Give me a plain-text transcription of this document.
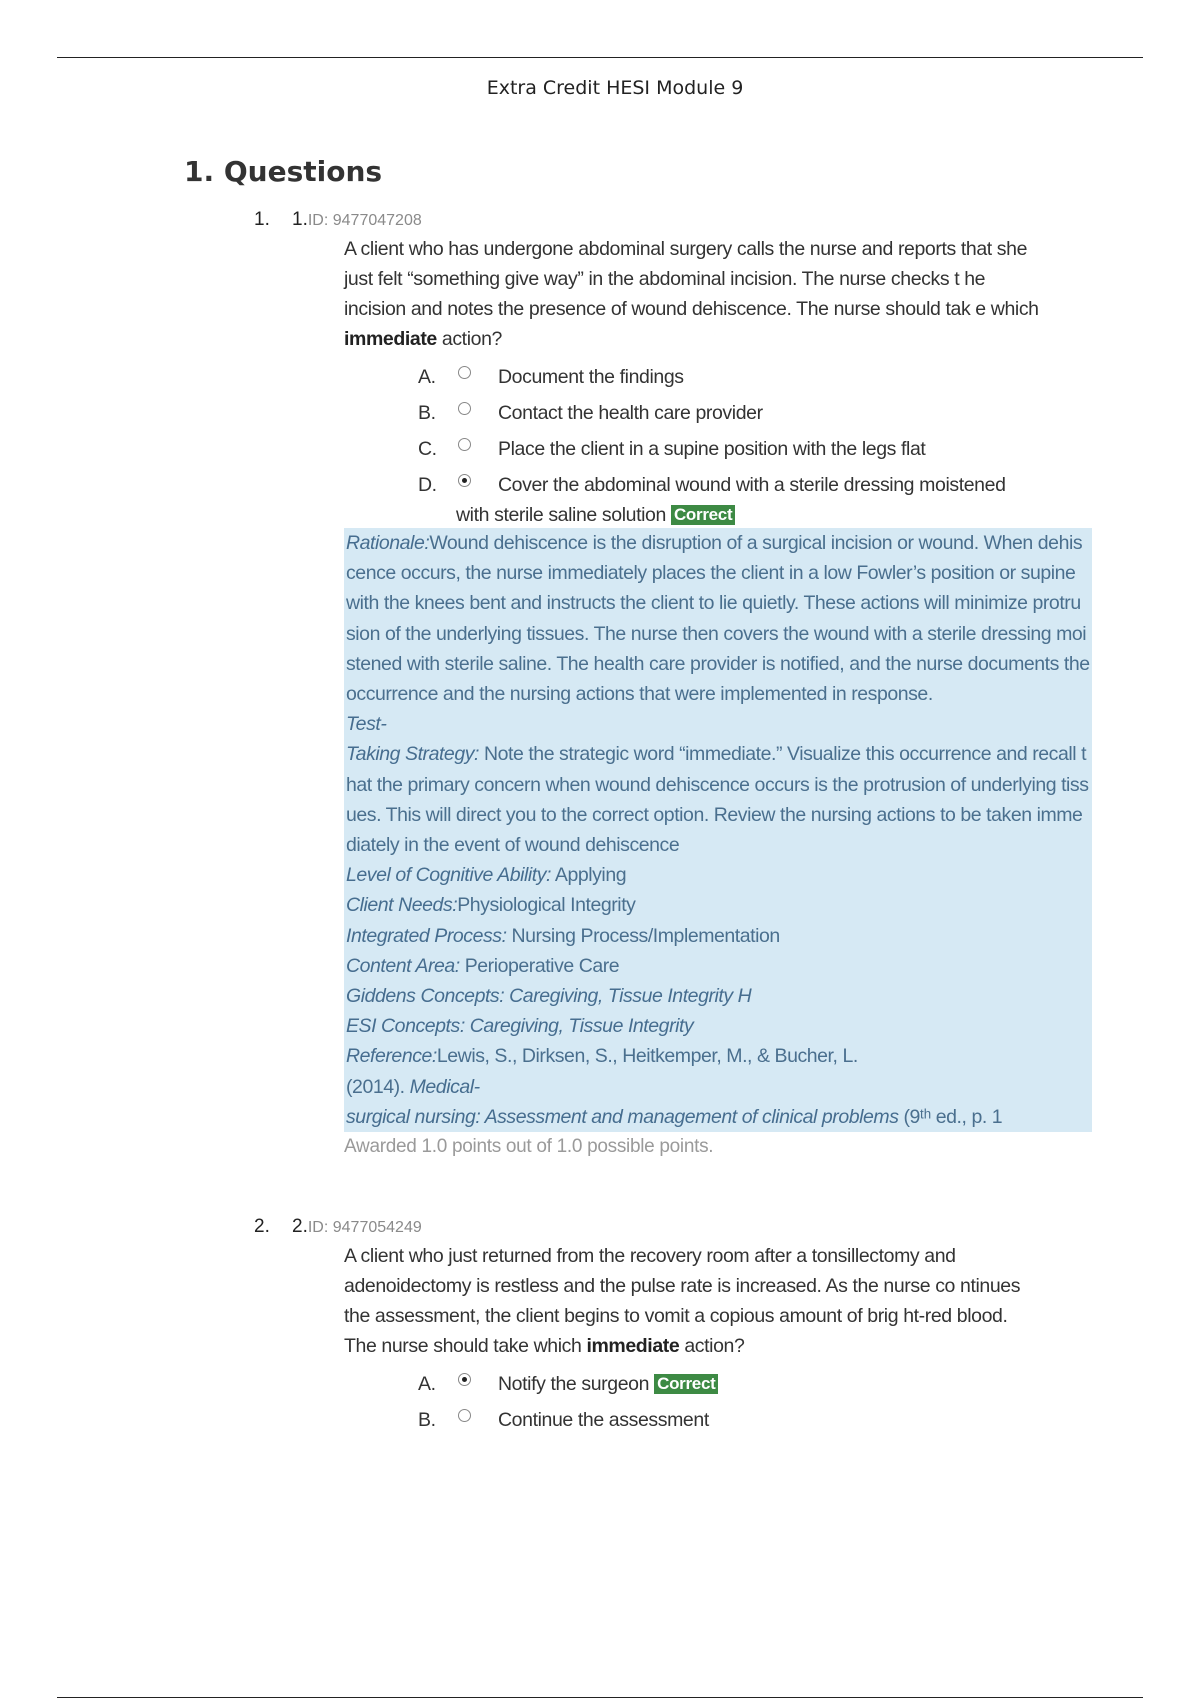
Extra Credit HESI Module 9
1. Questions
1. 1.ID: 9477047208
A client who has undergone abdominal surgery calls the nurse and reports that she just felt “something give way” in the abdominal incision. The nurse checks t he incision and notes the presence of wound dehiscence. The nurse should tak e which immediate action?
A.	Document the findings
B.	Contact the health care provider
C.	Place the client in a supine position with the legs flat
D.	Cover the abdominal wound with a sterile dressing moistened
with sterile saline solution Correct
Rationale:Wound dehiscence is the disruption of a surgical incision or wound. When dehiscence occurs, the nurse immediately places the client in a low Fowler’s position or supine with the knees bent and instructs the client to lie quietly. These actions will minimize protrusion of the underlying tissues. The nurse then covers the wound with a sterile dressing moistened with sterile saline. The health care provider is notified, and the nurse documents the occurrence and the nursing actions that were implemented in response.
Test-
Taking Strategy: Note the strategic word “immediate.” Visualize this occurrence and recall that the primary concern when wound dehiscence occurs is the protrusion of underlying tissues. This will direct you to the correct option. Review the nursing actions to be taken immediately in the event of wound dehiscence
Level of Cognitive Ability: Applying
Client Needs:Physiological Integrity
Integrated Process: Nursing Process/Implementation
Content Area: Perioperative Care
Giddens Concepts: Caregiving, Tissue Integrity H
ESI Concepts: Caregiving, Tissue Integrity
Reference:Lewis, S., Dirksen, S., Heitkemper, M., & Bucher, L.
(2014). Medical-
surgical nursing: Assessment and management of clinical problems (9ᵗʰ ed., p. 1
Awarded 1.0 points out of 1.0 possible points.
2. 2.ID: 9477054249
A client who just returned from the recovery room after a tonsillectomy and adenoidectomy is restless and the pulse rate is increased. As the nurse co ntinues the assessment, the client begins to vomit a copious amount of brig ht-red blood. The nurse should take which immediate action?
A.	Notify the surgeon Correct
B.	Continue the assessment
